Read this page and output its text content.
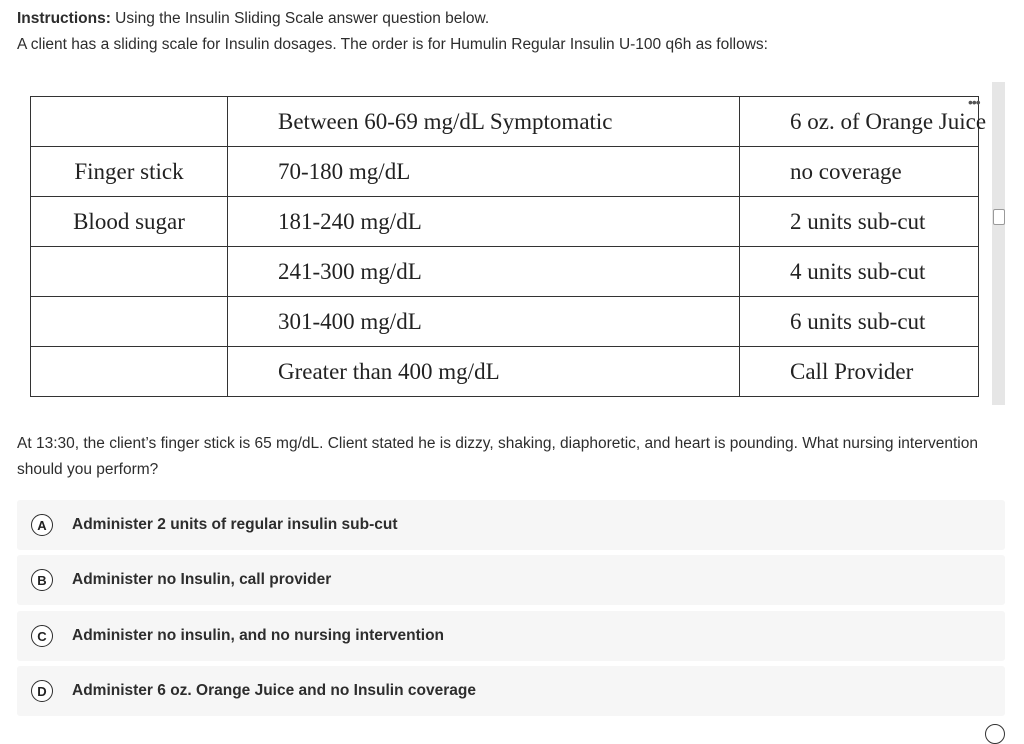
Instructions: Using the Insulin Sliding Scale answer question below.
A client has a sliding scale for Insulin dosages. The order is for Humulin Regular Insulin U-100 q6h as follows:
	Between 60-69 mg/dL Symptomatic	6 oz. of Orange Juice
Finger stick	70-180 mg/dL	no coverage
Blood sugar	181-240 mg/dL	2 units sub-cut
	241-300 mg/dL	4 units sub-cut
	301-400 mg/dL	6 units sub-cut
	Greater than 400 mg/dL	Call Provider
•••
At 13:30, the client’s finger stick is 65 mg/dL. Client stated he is dizzy, shaking, diaphoretic, and heart is pounding. What nursing intervention should you perform?
A	Administer 2 units of regular insulin sub-cut
B	Administer no Insulin, call provider
C	Administer no insulin, and no nursing intervention
D	Administer 6 oz. Orange Juice and no Insulin coverage
